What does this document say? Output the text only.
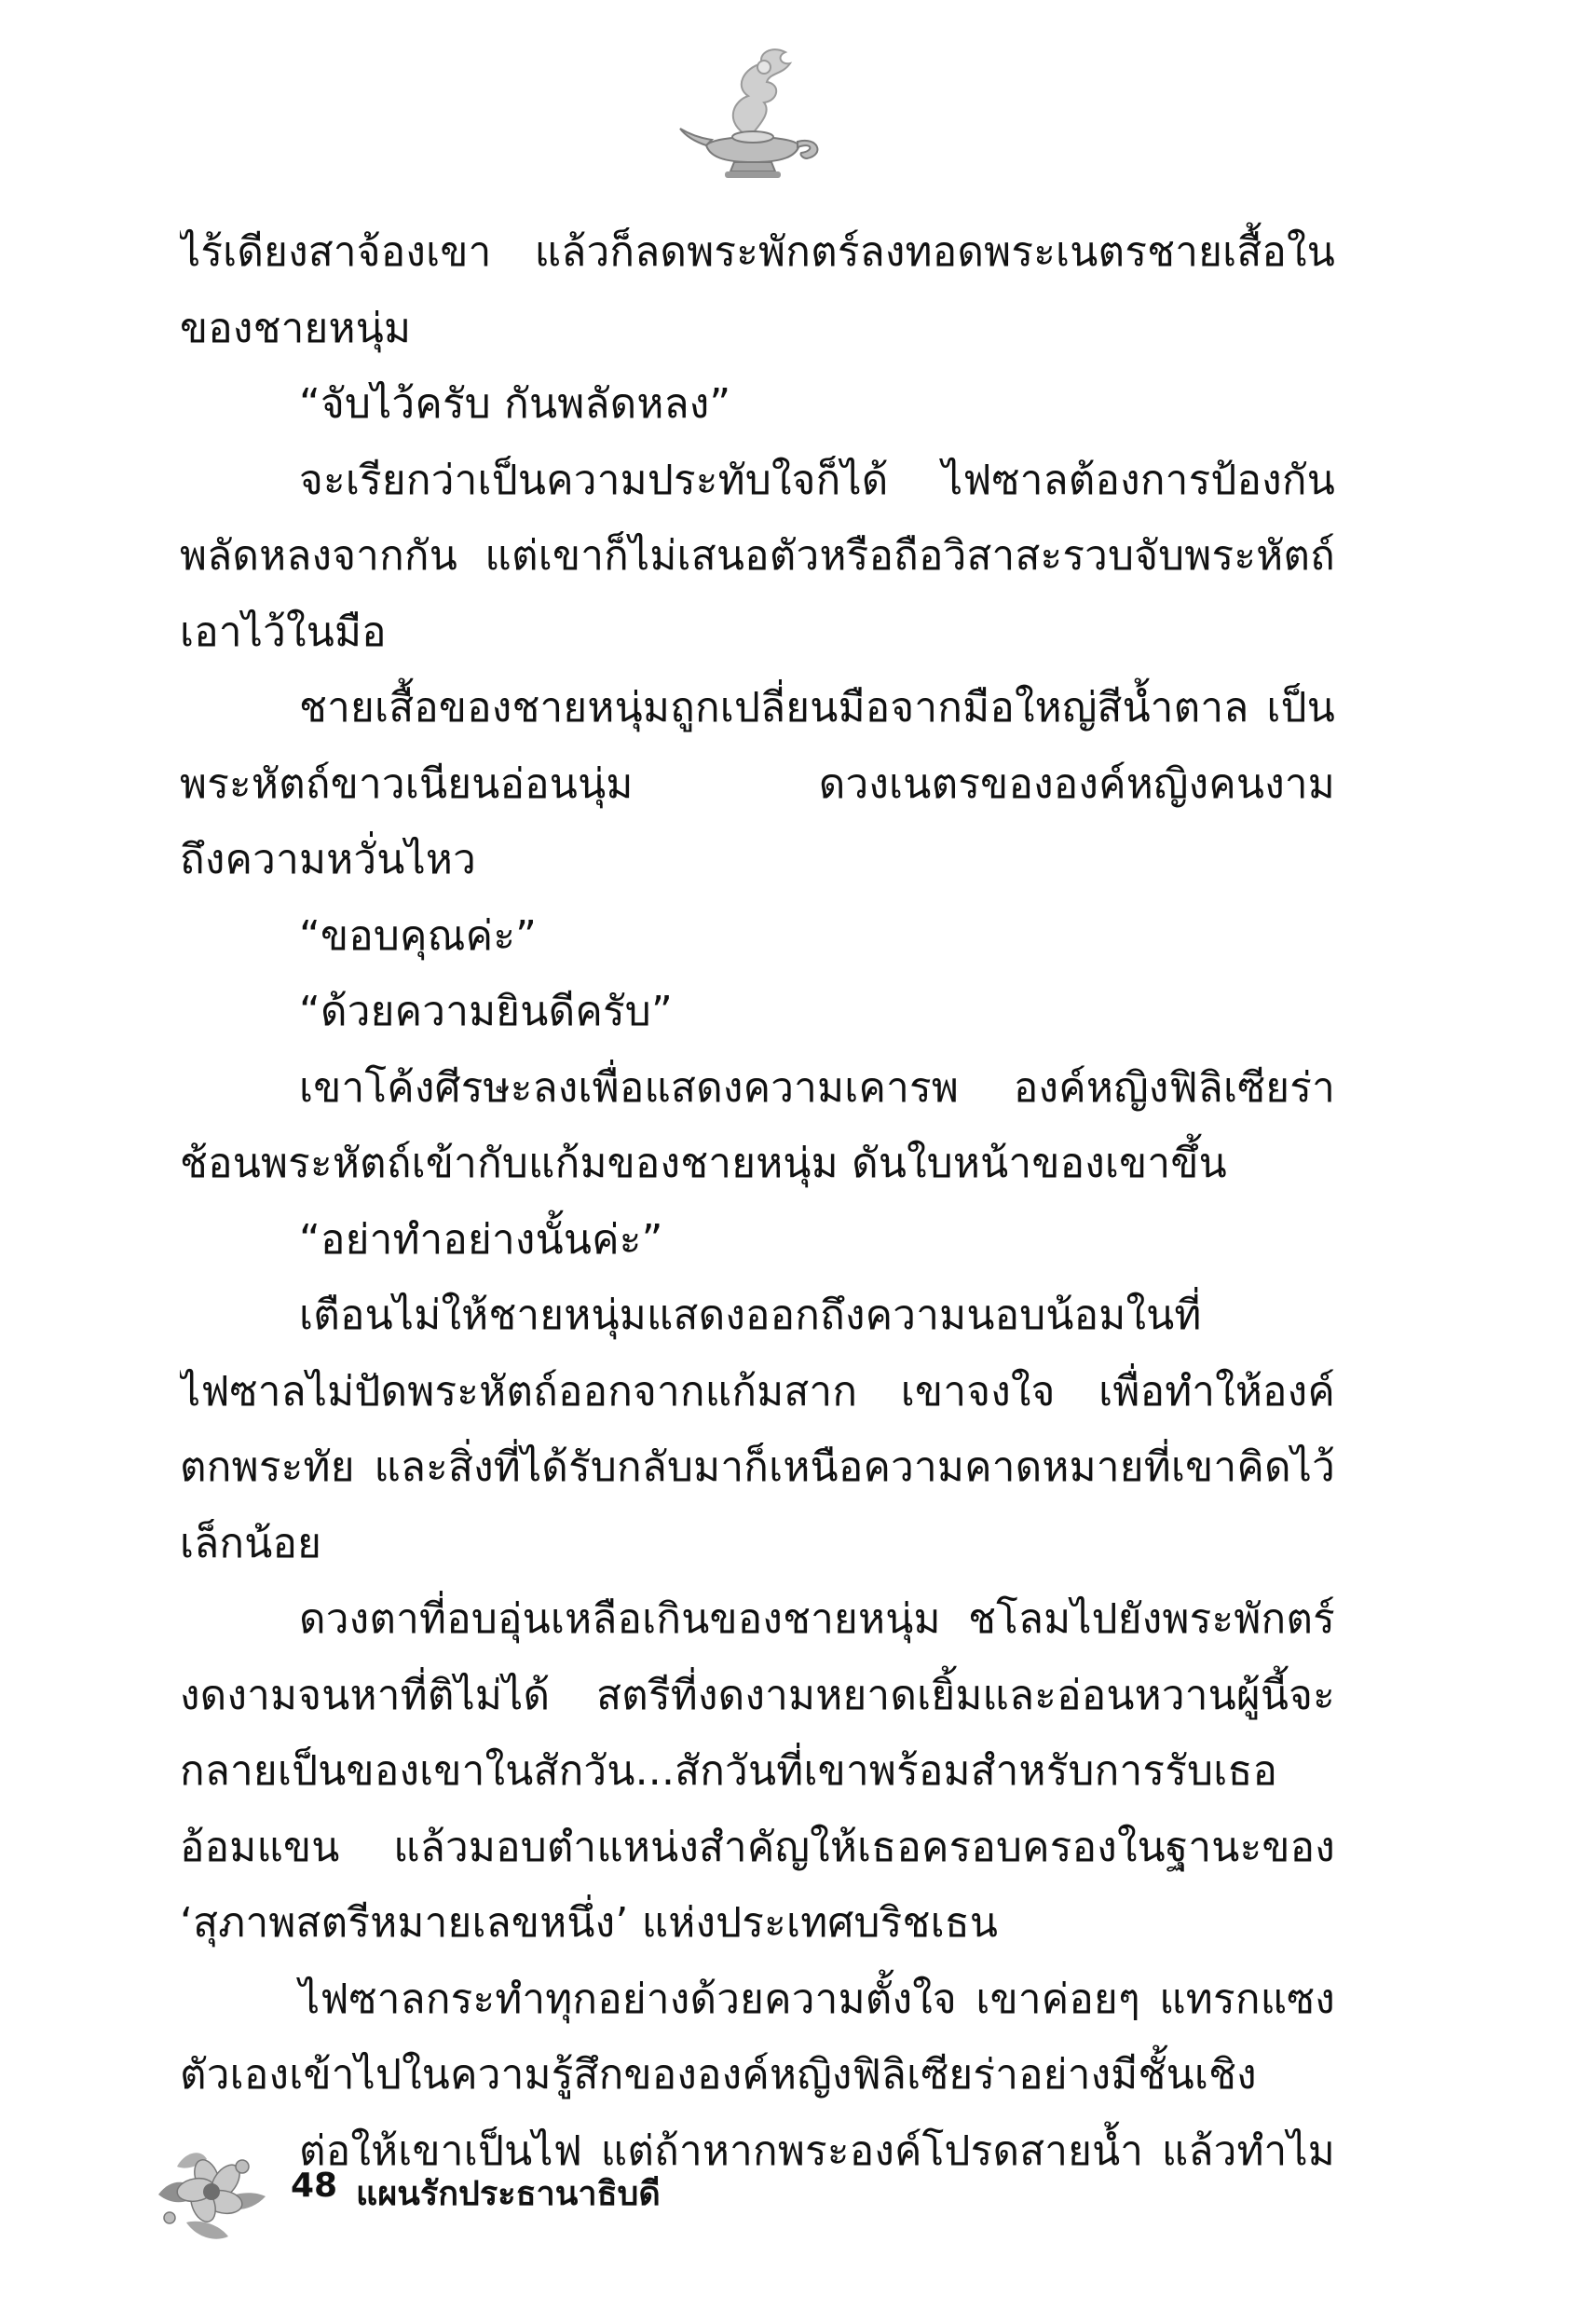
ไร้เดียงสาจ้องเขา แล้วก็ลดพระพักตร์ลงทอดพระเนตรชายเสื้อใน
ของชายหนุ่ม
“จับไว้ครับ กันพลัดหลง”
จะเรียกว่าเป็นความประทับใจก็ได้ ไฟซาลต้องการป้องกัน
พลัดหลงจากกัน แต่เขาก็ไม่เสนอตัวหรือถือวิสาสะรวบจับพระหัตถ์
เอาไว้ในมือ
ชายเสื้อของชายหนุ่มถูกเปลี่ยนมือจากมือใหญ่สีน้ำตาล เป็น
พระหัตถ์ขาวเนียนอ่อนนุ่ม ดวงเนตรขององค์หญิงคนงาม
ถึงความหวั่นไหว
“ขอบคุณค่ะ”
“ด้วยความยินดีครับ”
เขาโค้งศีรษะลงเพื่อแสดงความเคารพ องค์หญิงฟิลิเซียร่า
ช้อนพระหัตถ์เข้ากับแก้มของชายหนุ่ม ดันใบหน้าของเขาขึ้น
“อย่าทำอย่างนั้นค่ะ”
เตือนไม่ให้ชายหนุ่มแสดงออกถึงความนอบน้อมในที่
ไฟซาลไม่ปัดพระหัตถ์ออกจากแก้มสาก เขาจงใจ เพื่อทำให้องค์
ตกพระทัย และสิ่งที่ได้รับกลับมาก็เหนือความคาดหมายที่เขาคิดไว้
เล็กน้อย
ดวงตาที่อบอุ่นเหลือเกินของชายหนุ่ม ชโลมไปยังพระพักตร์
งดงามจนหาที่ติไม่ได้ สตรีที่งดงามหยาดเยิ้มและอ่อนหวานผู้นี้จะ
กลายเป็นของเขาในสักวัน...สักวันที่เขาพร้อมสำหรับการรับเธอ
อ้อมแขน แล้วมอบตำแหน่งสำคัญให้เธอครอบครองในฐานะของ
‘สุภาพสตรีหมายเลขหนึ่ง’ แห่งประเทศบริชเธน
ไฟซาลกระทำทุกอย่างด้วยความตั้งใจ เขาค่อยๆ แทรกแซง
ตัวเองเข้าไปในความรู้สึกขององค์หญิงฟิลิเซียร่าอย่างมีชั้นเชิง
ต่อให้เขาเป็นไฟ แต่ถ้าหากพระองค์โปรดสายน้ำ แล้วทำไม
48 แผนรักประธานาธิบดี
